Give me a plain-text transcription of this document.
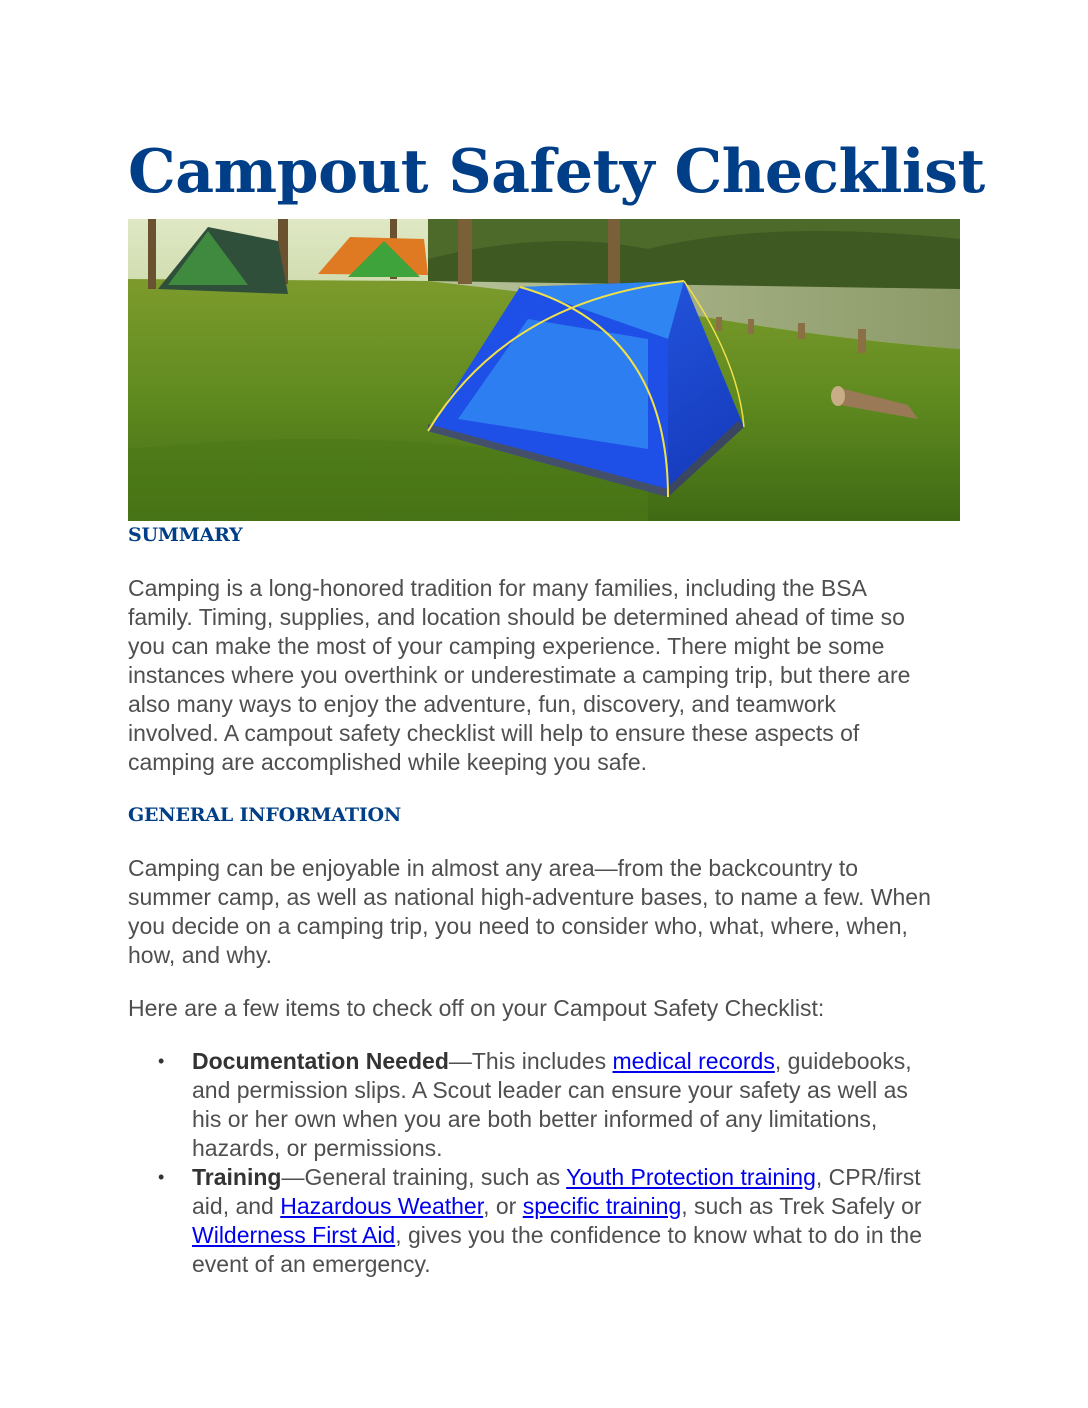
Campout Safety Checklist
SUMMARY
Camping is a long-honored tradition for many families, including the BSA
family. Timing, supplies, and location should be determined ahead of time so
you can make the most of your camping experience. There might be some
instances where you overthink or underestimate a camping trip, but there are
also many ways to enjoy the adventure, fun, discovery, and teamwork
involved. A campout safety checklist will help to ensure these aspects of
camping are accomplished while keeping you safe.
GENERAL INFORMATION
Camping can be enjoyable in almost any area—from the backcountry to
summer camp, as well as national high-adventure bases, to name a few. When
you decide on a camping trip, you need to consider who, what, where, when,
how, and why.
Here are a few items to check off on your Campout Safety Checklist:
• Documentation Needed—This includes medical records, guidebooks,
and permission slips. A Scout leader can ensure your safety as well as
his or her own when you are both better informed of any limitations,
hazards, or permissions.
• Training—General training, such as Youth Protection training, CPR/first
aid, and Hazardous Weather, or specific training, such as Trek Safely or
Wilderness First Aid, gives you the confidence to know what to do in the
event of an emergency.
